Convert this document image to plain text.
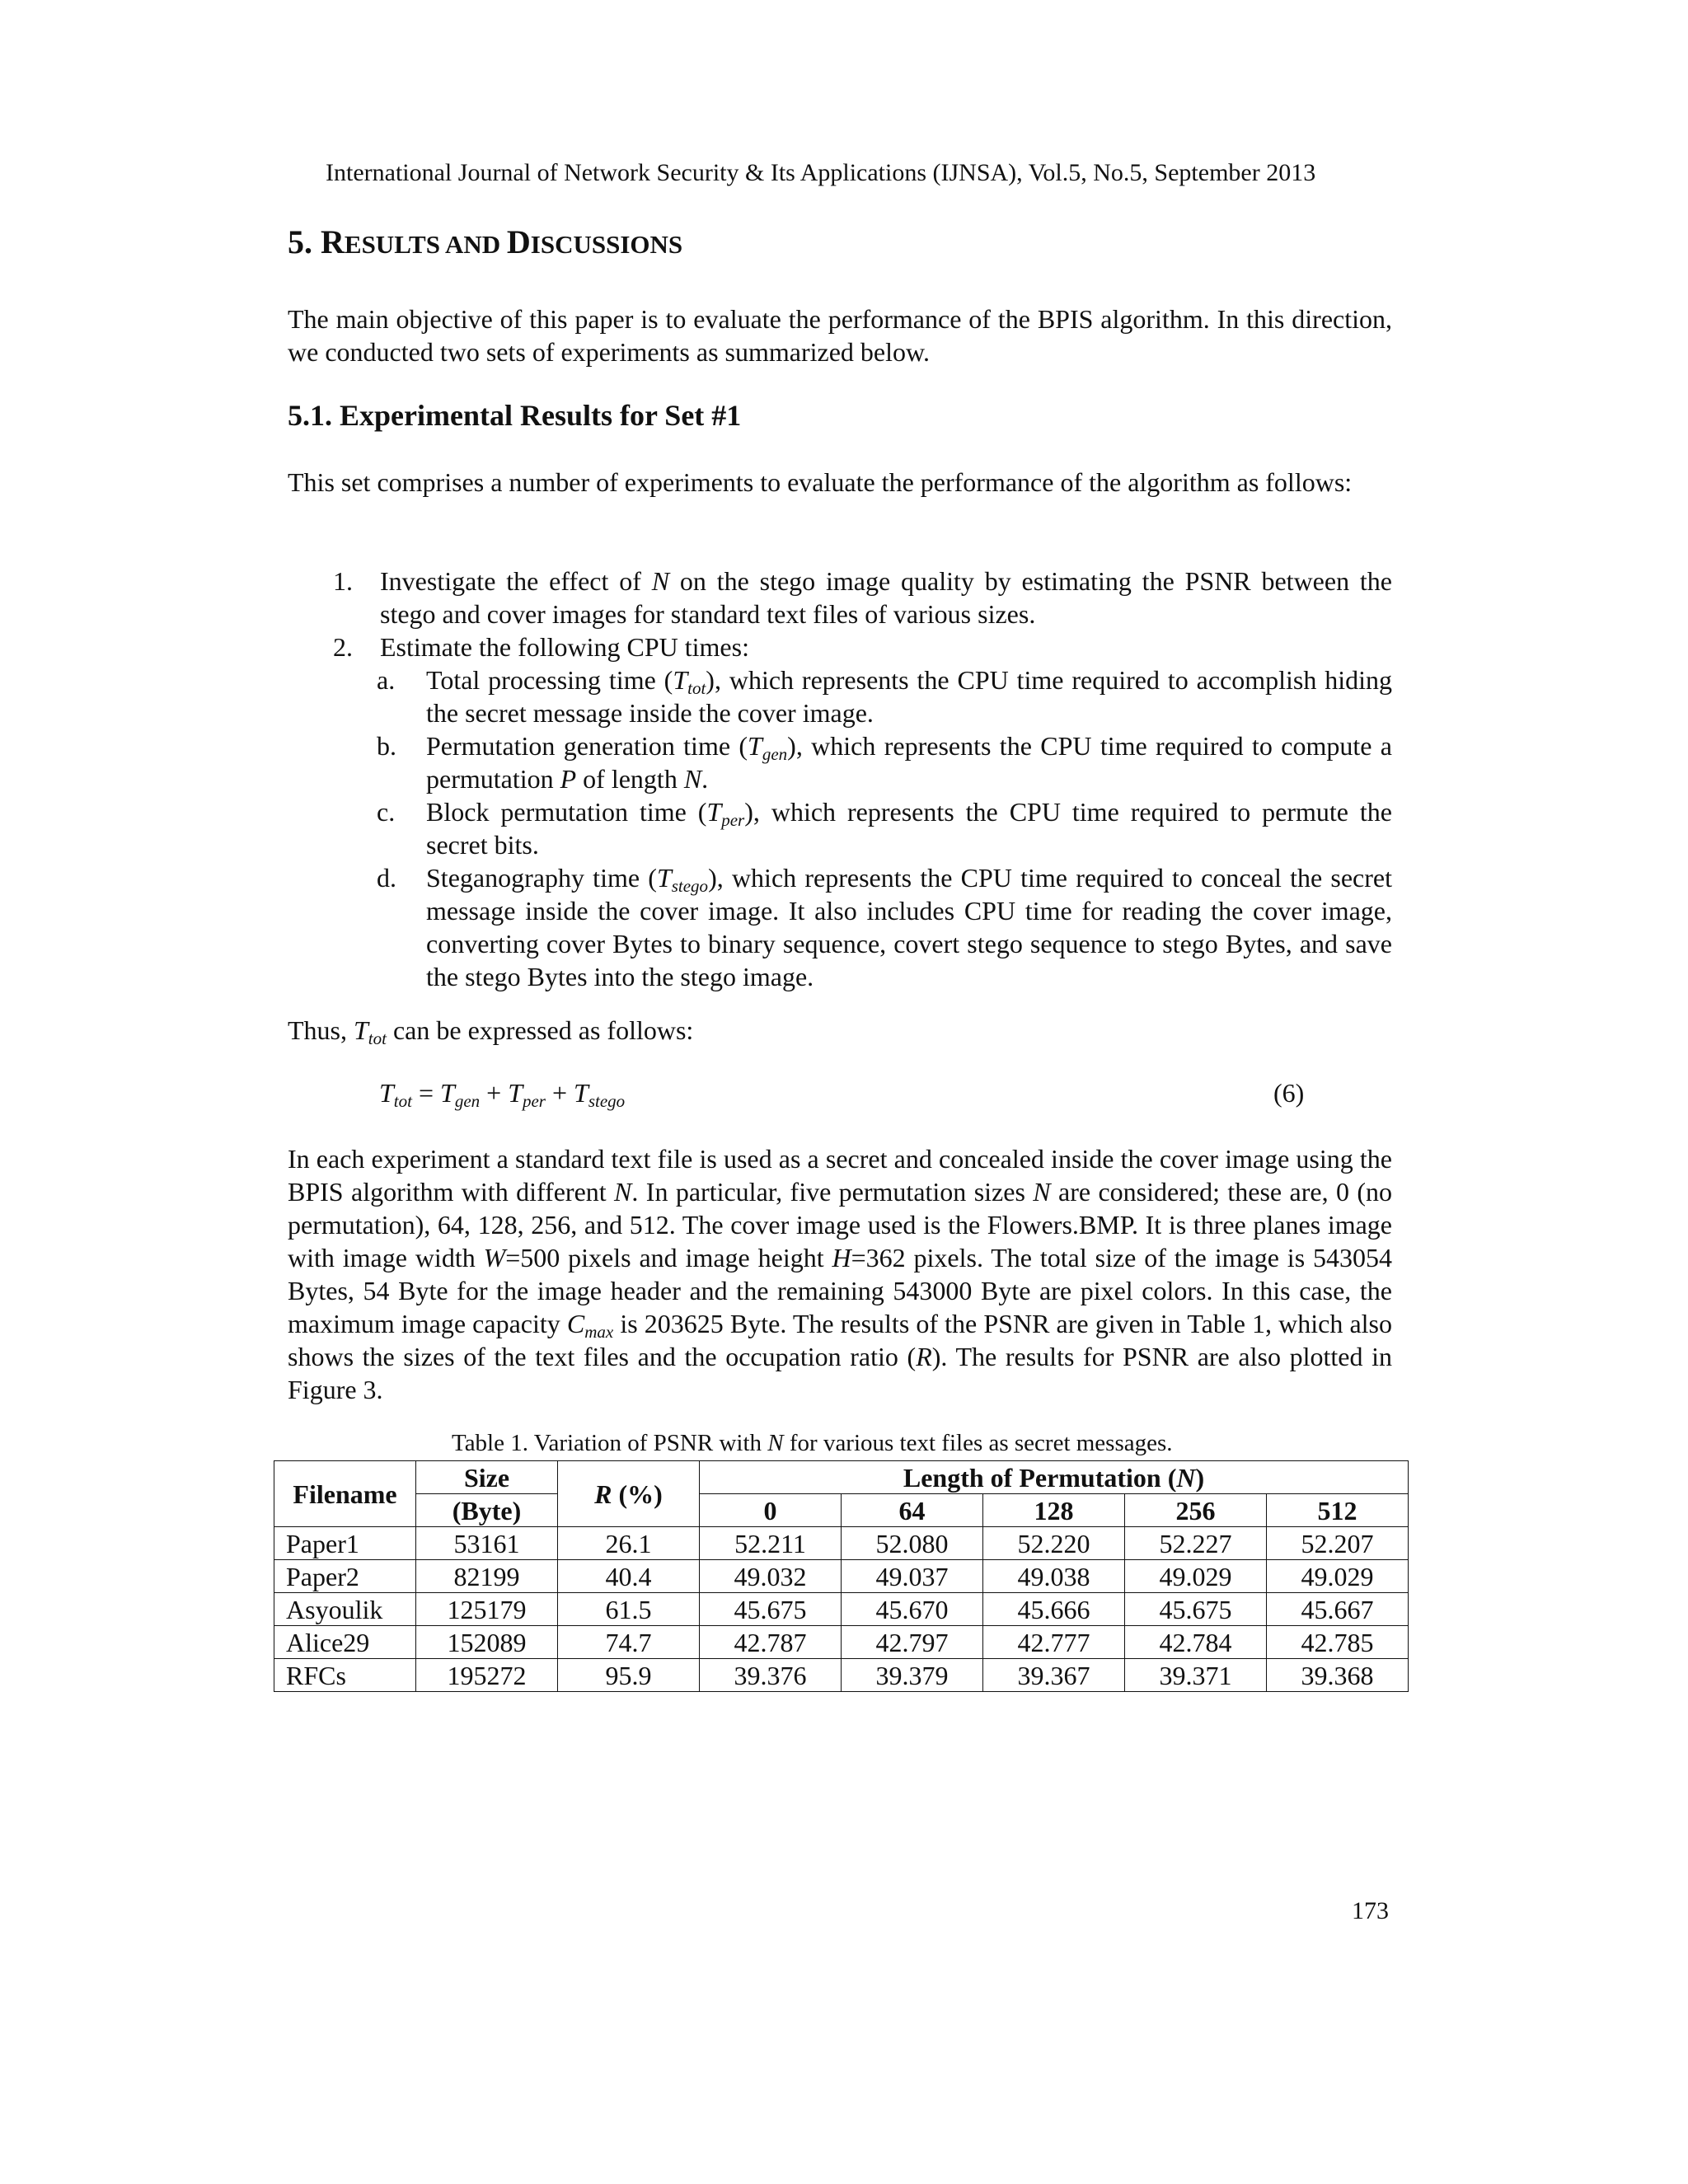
International Journal of Network Security & Its Applications (IJNSA), Vol.5, No.5, September 2013
5. RESULTS AND DISCUSSIONS
The main objective of this paper is to evaluate the performance of the BPIS algorithm. In this direction, we conducted two sets of experiments as summarized below.
5.1. Experimental Results for Set #1
This set comprises a number of experiments to evaluate the performance of the algorithm as follows:
1. Investigate the effect of N on the stego image quality by estimating the PSNR between the stego and cover images for standard text files of various sizes.
2. Estimate the following CPU times:
a. Total processing time $(T_{tot})$, which represents the CPU time required to accomplish hiding the secret message inside the cover image.
b. Permutation generation time $(T_{gen})$, which represents the CPU time required to compute a permutation P of length N.
c. Block permutation time $(T_{per})$, which represents the CPU time required to permute the secret bits.
d. Steganography time $(T_{stego})$, which represents the CPU time required to conceal the secret message inside the cover image. It also includes CPU time for reading the cover image, converting cover Bytes to binary sequence, covert stego sequence to stego Bytes, and save the stego Bytes into the stego image.
Thus, $T_{tot}$ can be expressed as follows:
$T_{tot} = T_{gen} + T_{per} + T_{stego}$	(6)
In each experiment a standard text file is used as a secret and concealed inside the cover image using the BPIS algorithm with different N. In particular, five permutation sizes N are considered; these are, 0 (no permutation), 64, 128, 256, and 512. The cover image used is the Flowers.BMP. It is three planes image with image width W=500 pixels and image height H=362 pixels. The total size of the image is 543054 Bytes, 54 Byte for the image header and the remaining 543000 Byte are pixel colors. In this case, the maximum image capacity $C_{max}$ is 203625 Byte. The results of the PSNR are given in Table 1, which also shows the sizes of the text files and the occupation ratio (R). The results for PSNR are also plotted in Figure 3.
Table 1. Variation of PSNR with N for various text files as secret messages.
Filename	Size	R (%)	Length of Permutation (N)				
	(Byte)		0	64	128	256	512
Paper1	53161	26.1	52.211	52.080	52.220	52.227	52.207
Paper2	82199	40.4	49.032	49.037	49.038	49.029	49.029
Asyoulik	125179	61.5	45.675	45.670	45.666	45.675	45.667
Alice29	152089	74.7	42.787	42.797	42.777	42.784	42.785
RFCs	195272	95.9	39.376	39.379	39.367	39.371	39.368
173
